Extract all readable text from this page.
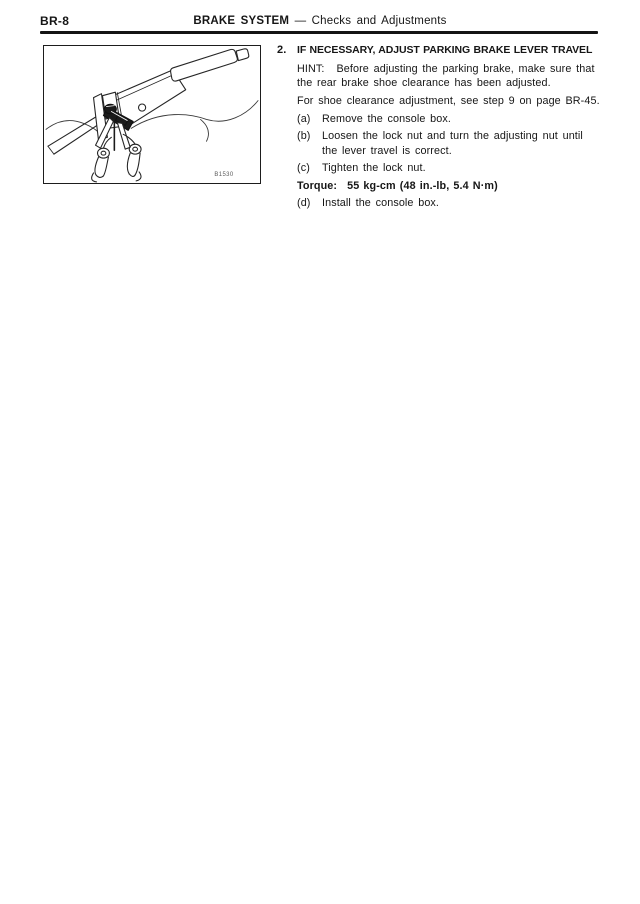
BR-8	BRAKE SYSTEM — Checks and Adjustments
B1530
2.	IF NECESSARY, ADJUST PARKING BRAKE LEVER TRAVEL
HINT: Before adjusting the parking brake, make sure that
the rear brake shoe clearance has been adjusted.
For shoe clearance adjustment, see step 9 on page BR-45.
(a)	Remove the console box.
(b)	Loosen the lock nut and turn the adjusting nut until
the lever travel is correct.
(c)	Tighten the lock nut.
Torque: 55 kg-cm (48 in.-lb, 5.4 N·m)
(d)	Install the console box.
